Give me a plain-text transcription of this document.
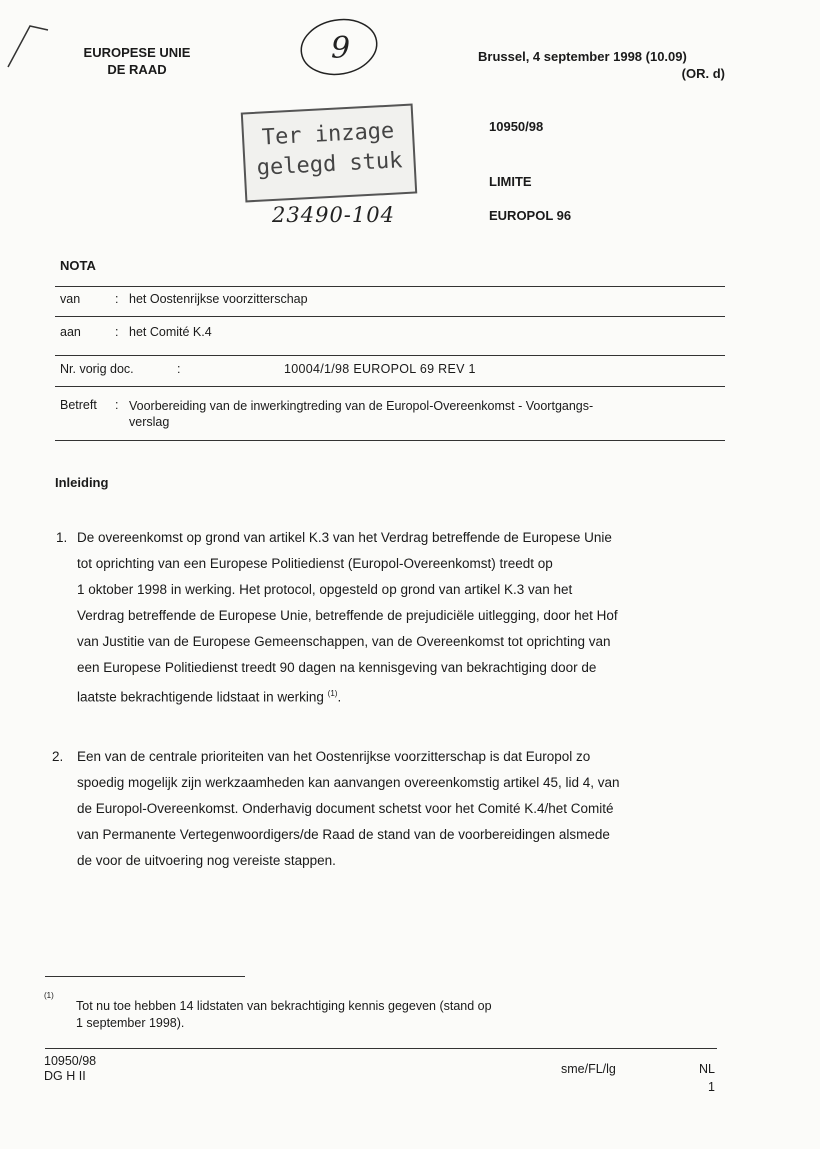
EUROPESE UNIE
DE RAAD
9
Ter inzage
gelegd stuk
23490-104
Brussel, 4 september 1998 (10.09)
(OR. d)
10950/98
LIMITE
EUROPOL 96
NOTA
van	: het Oostenrijkse voorzitterschap
aan	: het Comité K.4
Nr. vorig doc.	:	10004/1/98 EUROPOL 69 REV 1
Betreft : Voorbereiding van de inwerkingtreding van de Europol-Overeenkomst - Voortgangs-
verslag
Inleiding
1. De overeenkomst op grond van artikel K.3 van het Verdrag betreffende de Europese Unie
tot oprichting van een Europese Politiedienst (Europol-Overeenkomst) treedt op
1 oktober 1998 in werking. Het protocol, opgesteld op grond van artikel K.3 van het
Verdrag betreffende de Europese Unie, betreffende de prejudiciële uitlegging, door het Hof
van Justitie van de Europese Gemeenschappen, van de Overeenkomst tot oprichting van
een Europese Politiedienst treedt 90 dagen na kennisgeving van bekrachtiging door de
laatste bekrachtigende lidstaat in werking $^{(1)}$.
2. Een van de centrale prioriteiten van het Oostenrijkse voorzitterschap is dat Europol zo
spoedig mogelijk zijn werkzaamheden kan aanvangen overeenkomstig artikel 45, lid 4, van
de Europol-Overeenkomst. Onderhavig document schetst voor het Comité K.4/het Comité
van Permanente Vertegenwoordigers/de Raad de stand van de voorbereidingen alsmede
de voor de uitvoering nog vereiste stappen.
(1)
Tot nu toe hebben 14 lidstaten van bekrachtiging kennis gegeven (stand op
1 september 1998).
10950/98
DG H II	sme/FL/lg	NL
1
